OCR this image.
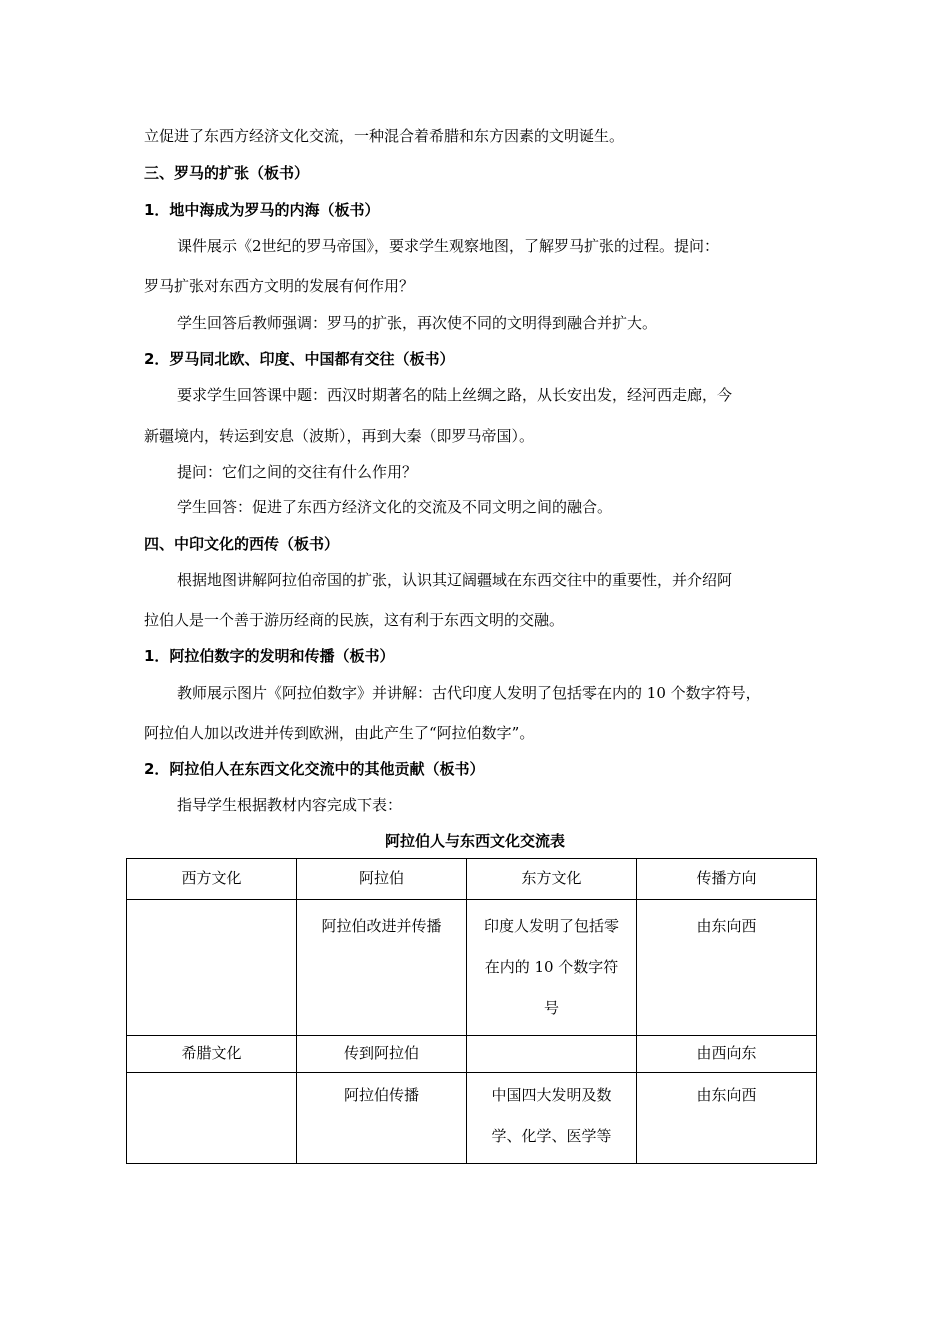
立促进了东西方经济文化交流，一种混合着希腊和东方因素的文明诞生。
三、罗马的扩张（板书）
1．地中海成为罗马的内海（板书）
课件展示《2世纪的罗马帝国》，要求学生观察地图，了解罗马扩张的过程。提问：
罗马扩张对东西方文明的发展有何作用？
学生回答后教师强调：罗马的扩张，再次使不同的文明得到融合并扩大。
2．罗马同北欧、印度、中国都有交往（板书）
要求学生回答课中题：西汉时期著名的陆上丝绸之路，从长安出发，经河西走廊，今
新疆境内，转运到安息（波斯），再到大秦（即罗马帝国）。
提问：它们之间的交往有什么作用？
学生回答：促进了东西方经济文化的交流及不同文明之间的融合。
四、中印文化的西传（板书）
根据地图讲解阿拉伯帝国的扩张，认识其辽阔疆域在东西交往中的重要性，并介绍阿
拉伯人是一个善于游历经商的民族，这有利于东西文明的交融。
1．阿拉伯数字的发明和传播（板书）
教师展示图片《阿拉伯数字》并讲解：古代印度人发明了包括零在内的 10 个数字符号，
阿拉伯人加以改进并传到欧洲，由此产生了“阿拉伯数字”。
2．阿拉伯人在东西文化交流中的其他贡献（板书）
指导学生根据教材内容完成下表：
阿拉伯人与东西文化交流表
西方文化	阿拉伯	东方文化	传播方向

	阿拉伯改进并传播	印度人发明了包括零
在内的 10 个数字符
号	由东向西

希腊文化	传到阿拉伯		由西向东
	阿拉伯传播	中国四大发明及数 学、化学、医学等	由东向西
